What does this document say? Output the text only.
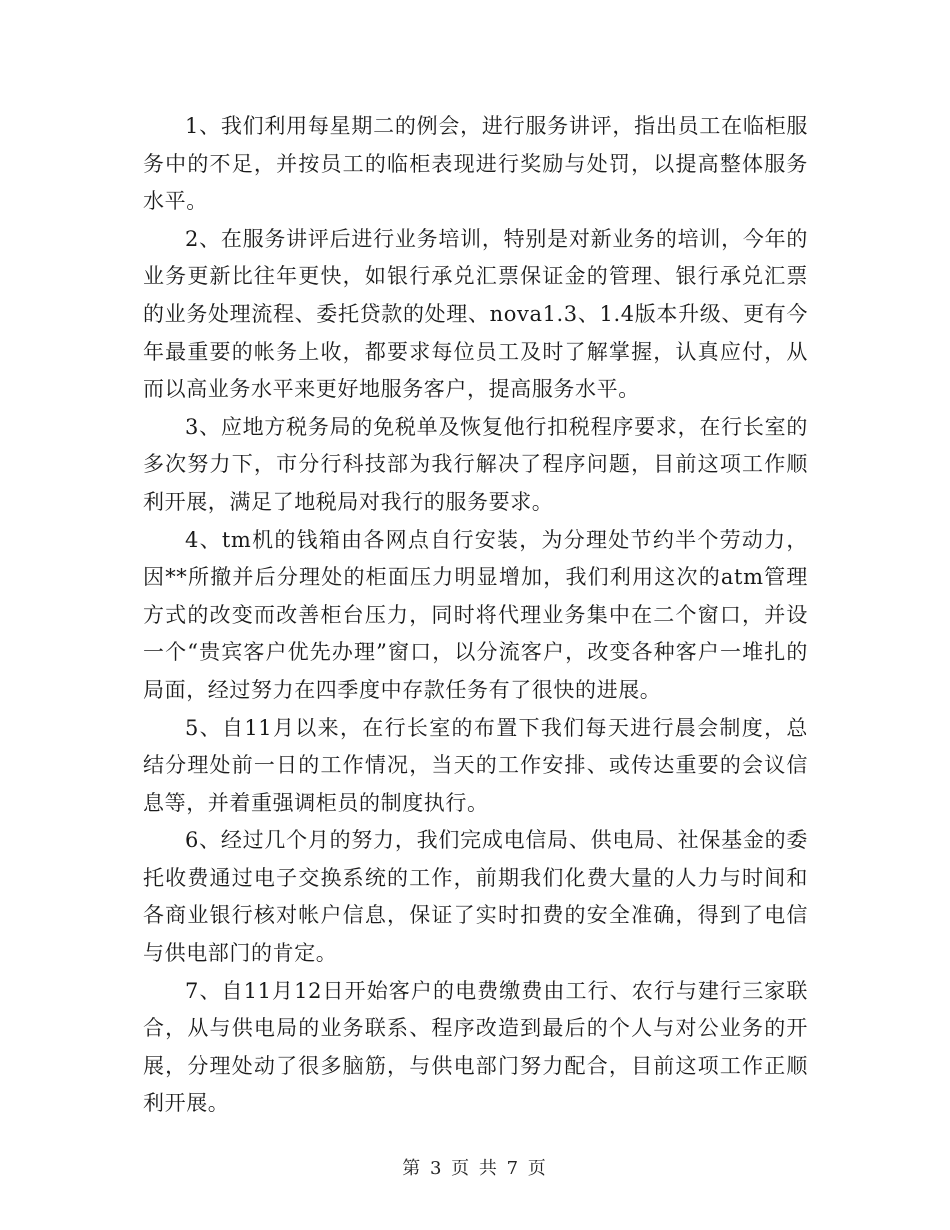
1、我们利用每星期二的例会，进行服务讲评，指出员工在临柜服务中的不足，并按员工的临柜表现进行奖励与处罚，以提高整体服务水平。

2、在服务讲评后进行业务培训，特别是对新业务的培训，今年的业务更新比往年更快，如银行承兑汇票保证金的管理、银行承兑汇票的业务处理流程、委托贷款的处理、nova1.3、1.4版本升级、更有今年最重要的帐务上收，都要求每位员工及时了解掌握，认真应付，从而以高业务水平来更好地服务客户，提高服务水平。

3、应地方税务局的免税单及恢复他行扣税程序要求，在行长室的多次努力下，市分行科技部为我行解决了程序问题，目前这项工作顺利开展，满足了地税局对我行的服务要求。

4、tm机的钱箱由各网点自行安装，为分理处节约半个劳动力，因**所撤并后分理处的柜面压力明显增加，我们利用这次的atm管理方式的改变而改善柜台压力，同时将代理业务集中在二个窗口，并设一个“贵宾客户优先办理”窗口，以分流客户，改变各种客户一堆扎的局面，经过努力在四季度中存款任务有了很快的进展。

5、自11月以来，在行长室的布置下我们每天进行晨会制度，总结分理处前一日的工作情况，当天的工作安排、或传达重要的会议信息等，并着重强调柜员的制度执行。

6、经过几个月的努力，我们完成电信局、供电局、社保基金的委托收费通过电子交换系统的工作，前期我们化费大量的人力与时间和各商业银行核对帐户信息，保证了实时扣费的安全准确，得到了电信与供电部门的肯定。

7、自11月12日开始客户的电费缴费由工行、农行与建行三家联合，从与供电局的业务联系、程序改造到最后的个人与对公业务的开展，分理处动了很多脑筋，与供电部门努力配合，目前这项工作正顺利开展。

第 3 页 共 7 页
